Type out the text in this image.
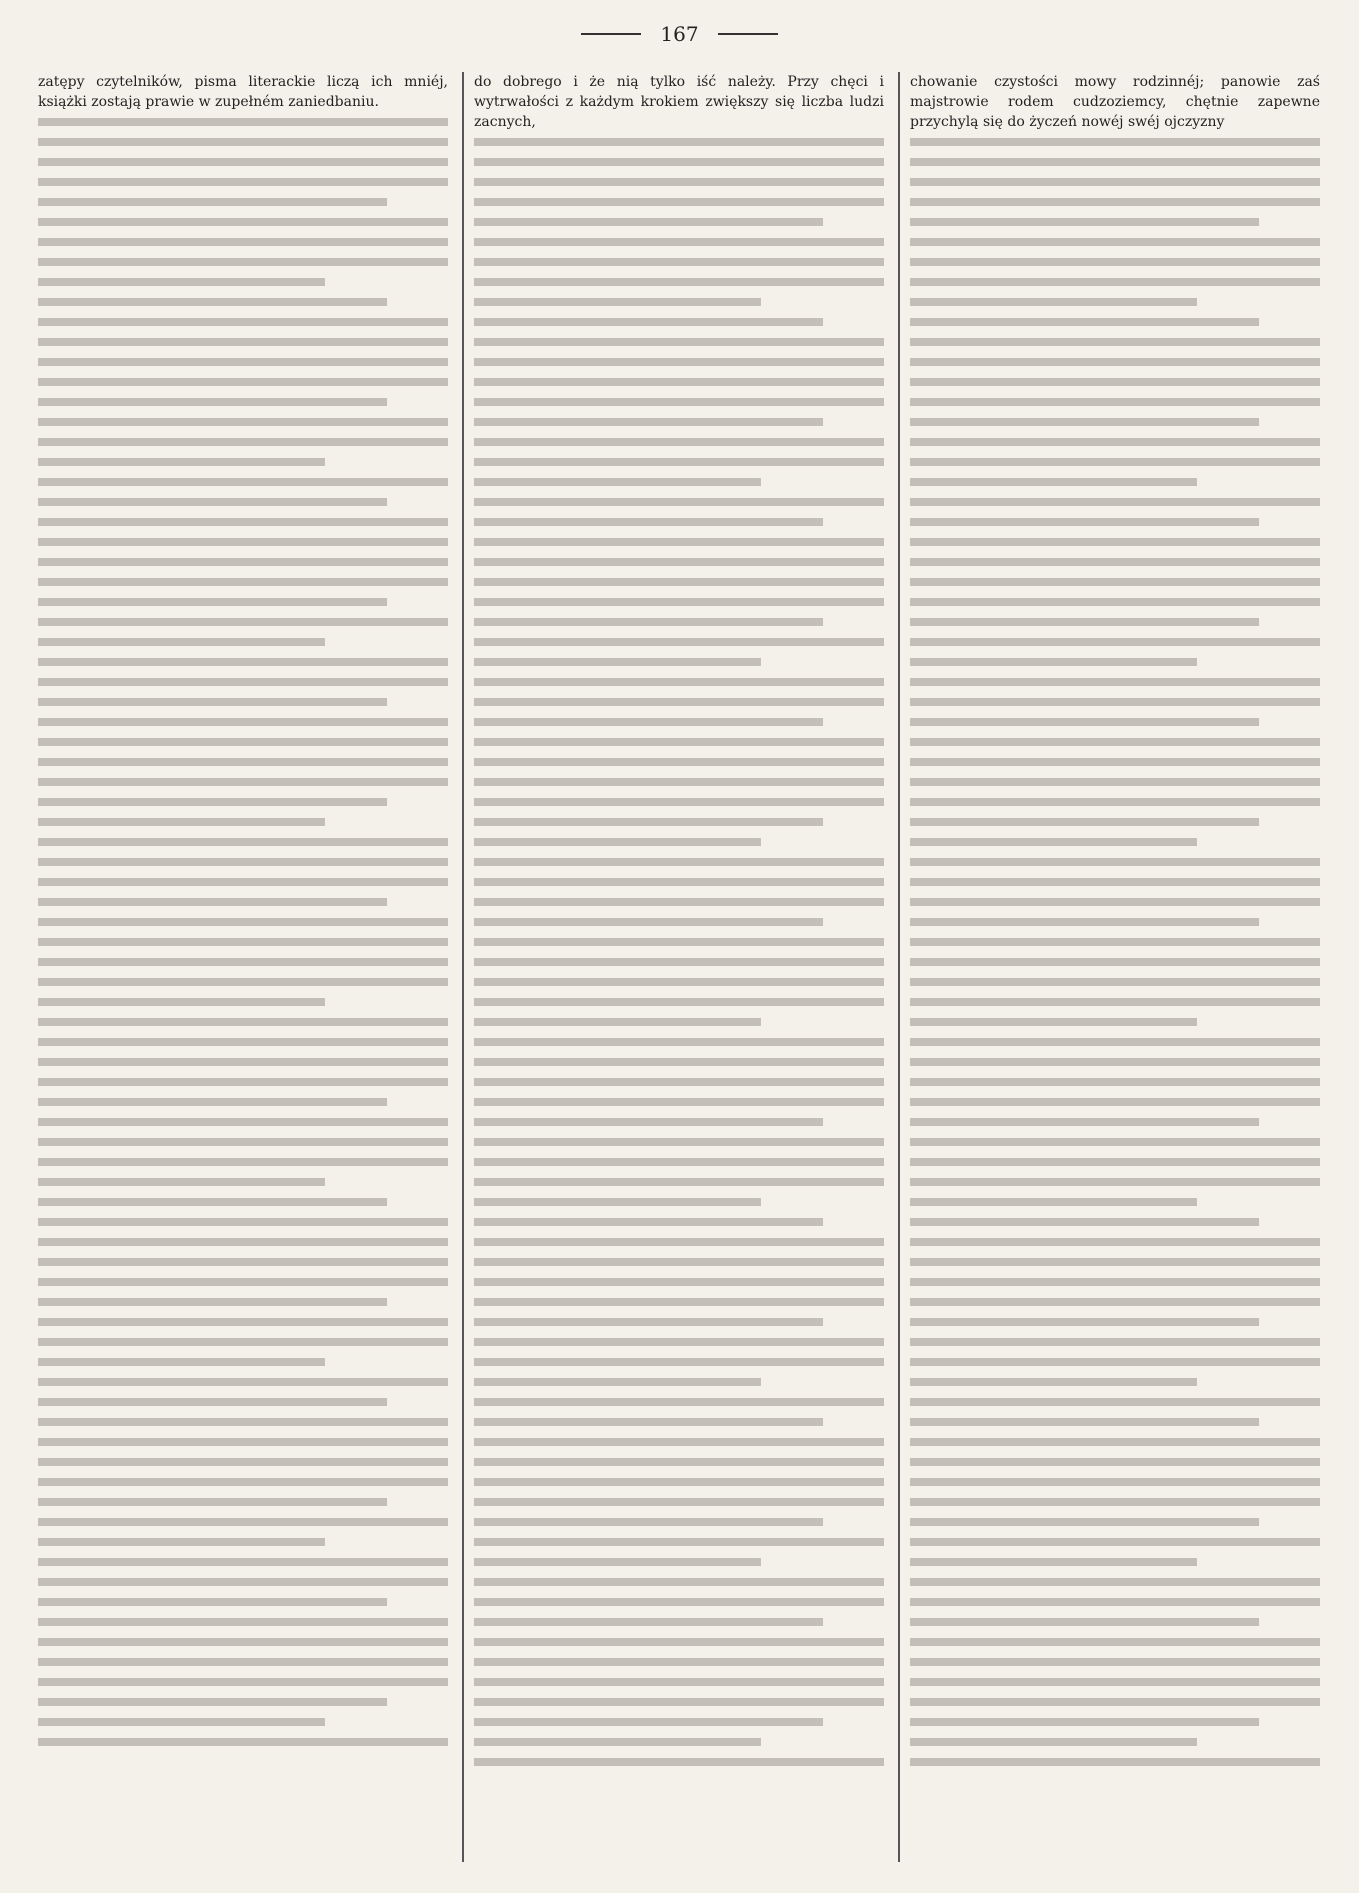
167

zatępy czytelników, pisma literackie liczą ich mniéj, książki zostają prawie w zupełném zaniedbaniu.

do dobrego i że nią tylko iść należy. Przy chęci i wytrwałości z każdym krokiem zwiększy się liczba ludzi zacnych,

chowanie czystości mowy rodzinnéj; panowie zaś majstrowie rodem cudzoziemcy, chętnie zapewne przychylą się do życzeń nowéj swéj ojczyzny
